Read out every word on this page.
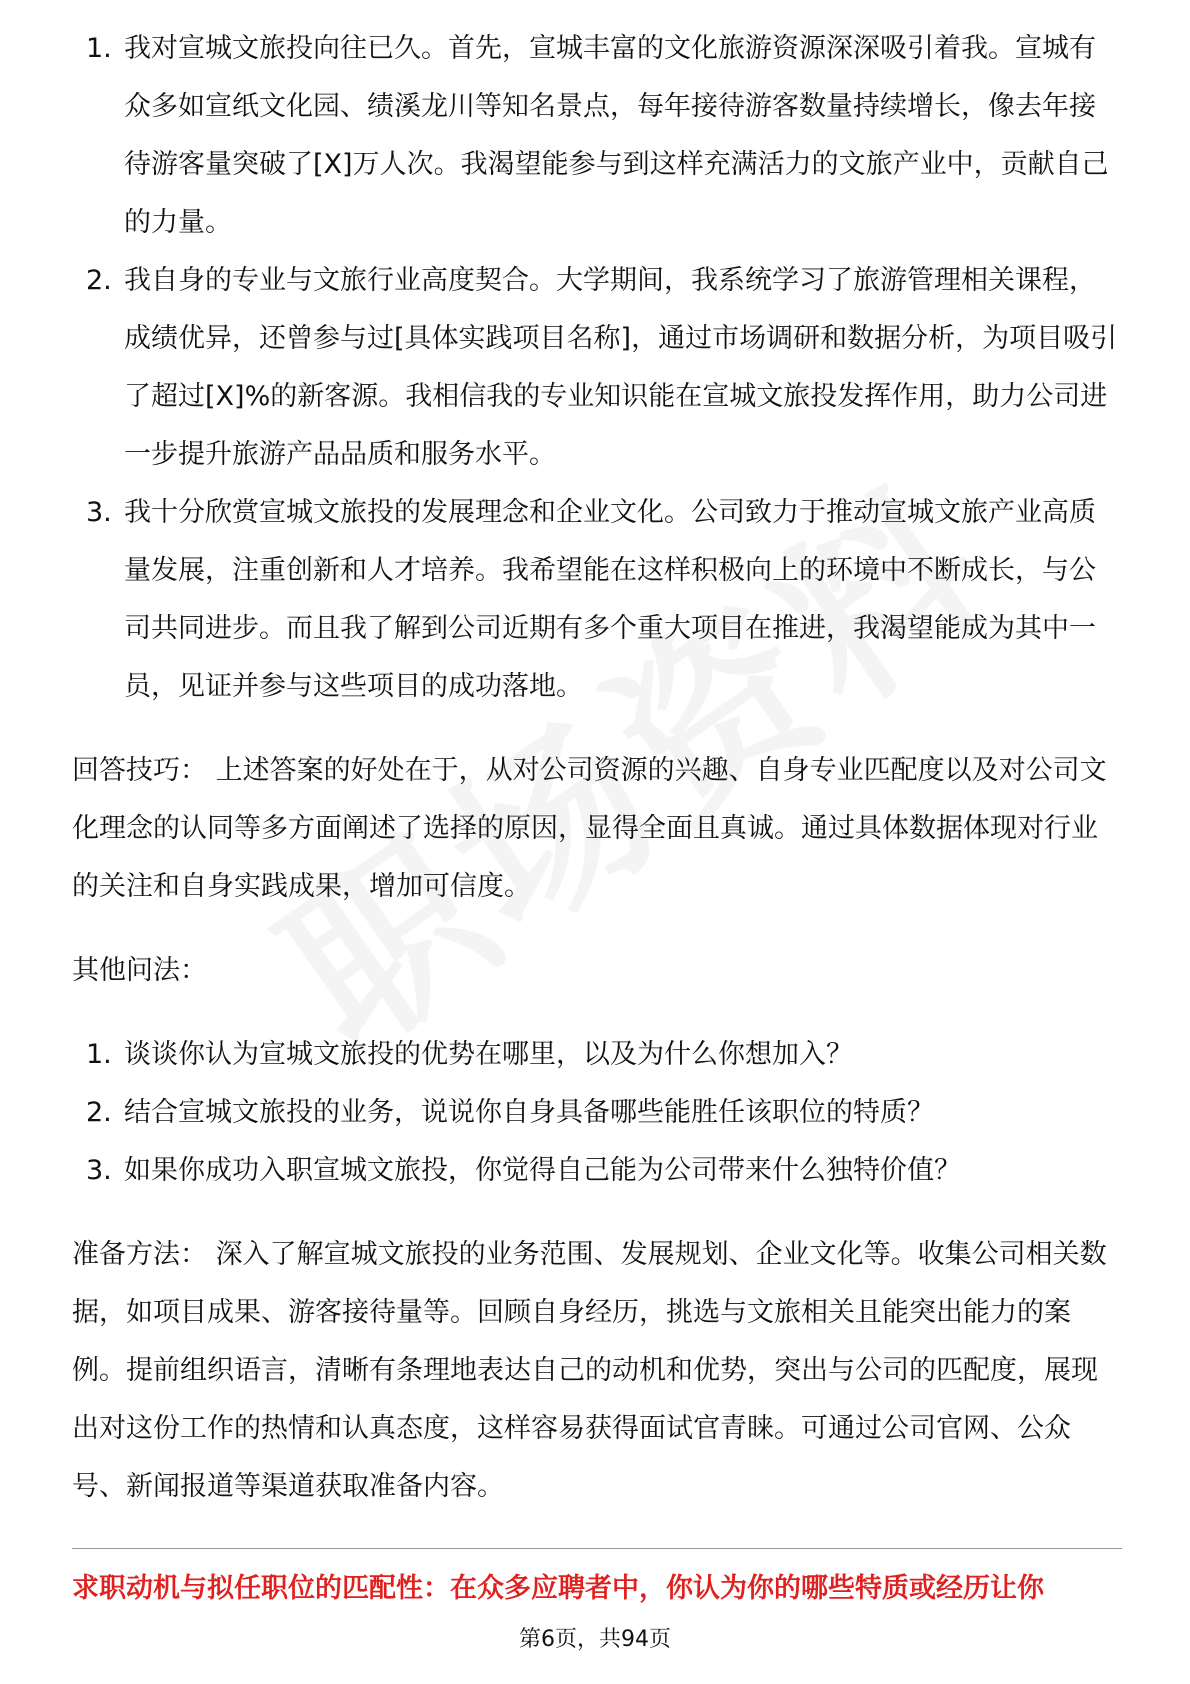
1. 我对宣城文旅投向往已久。首先，宣城丰富的文化旅游资源深深吸引着我。宣城有众多如宣纸文化园、绩溪龙川等知名景点，每年接待游客数量持续增长，像去年接待游客量突破了[X]万人次。我渴望能参与到这样充满活力的文旅产业中，贡献自己的力量。
2. 我自身的专业与文旅行业高度契合。大学期间，我系统学习了旅游管理相关课程，成绩优异，还曾参与过[具体实践项目名称]，通过市场调研和数据分析，为项目吸引了超过[X]%的新客源。我相信我的专业知识能在宣城文旅投发挥作用，助力公司进一步提升旅游产品品质和服务水平。
3. 我十分欣赏宣城文旅投的发展理念和企业文化。公司致力于推动宣城文旅产业高质量发展，注重创新和人才培养。我希望能在这样积极向上的环境中不断成长，与公司共同进步。而且我了解到公司近期有多个重大项目在推进，我渴望能成为其中一员，见证并参与这些项目的成功落地。

回答技巧： 上述答案的好处在于，从对公司资源的兴趣、自身专业匹配度以及对公司文化理念的认同等多方面阐述了选择的原因，显得全面且真诚。通过具体数据体现对行业的关注和自身实践成果，增加可信度。

其他问法：

1. 谈谈你认为宣城文旅投的优势在哪里，以及为什么你想加入？
2. 结合宣城文旅投的业务，说说你自身具备哪些能胜任该职位的特质？
3. 如果你成功入职宣城文旅投，你觉得自己能为公司带来什么独特价值？

准备方法： 深入了解宣城文旅投的业务范围、发展规划、企业文化等。收集公司相关数据，如项目成果、游客接待量等。回顾自身经历，挑选与文旅相关且能突出能力的案例。提前组织语言，清晰有条理地表达自己的动机和优势，突出与公司的匹配度，展现出对这份工作的热情和认真态度，这样容易获得面试官青睐。可通过公司官网、公众号、新闻报道等渠道获取准备内容。

求职动机与拟任职位的匹配性：在众多应聘者中，你认为你的哪些特质或经历让你
第6页，共94页
